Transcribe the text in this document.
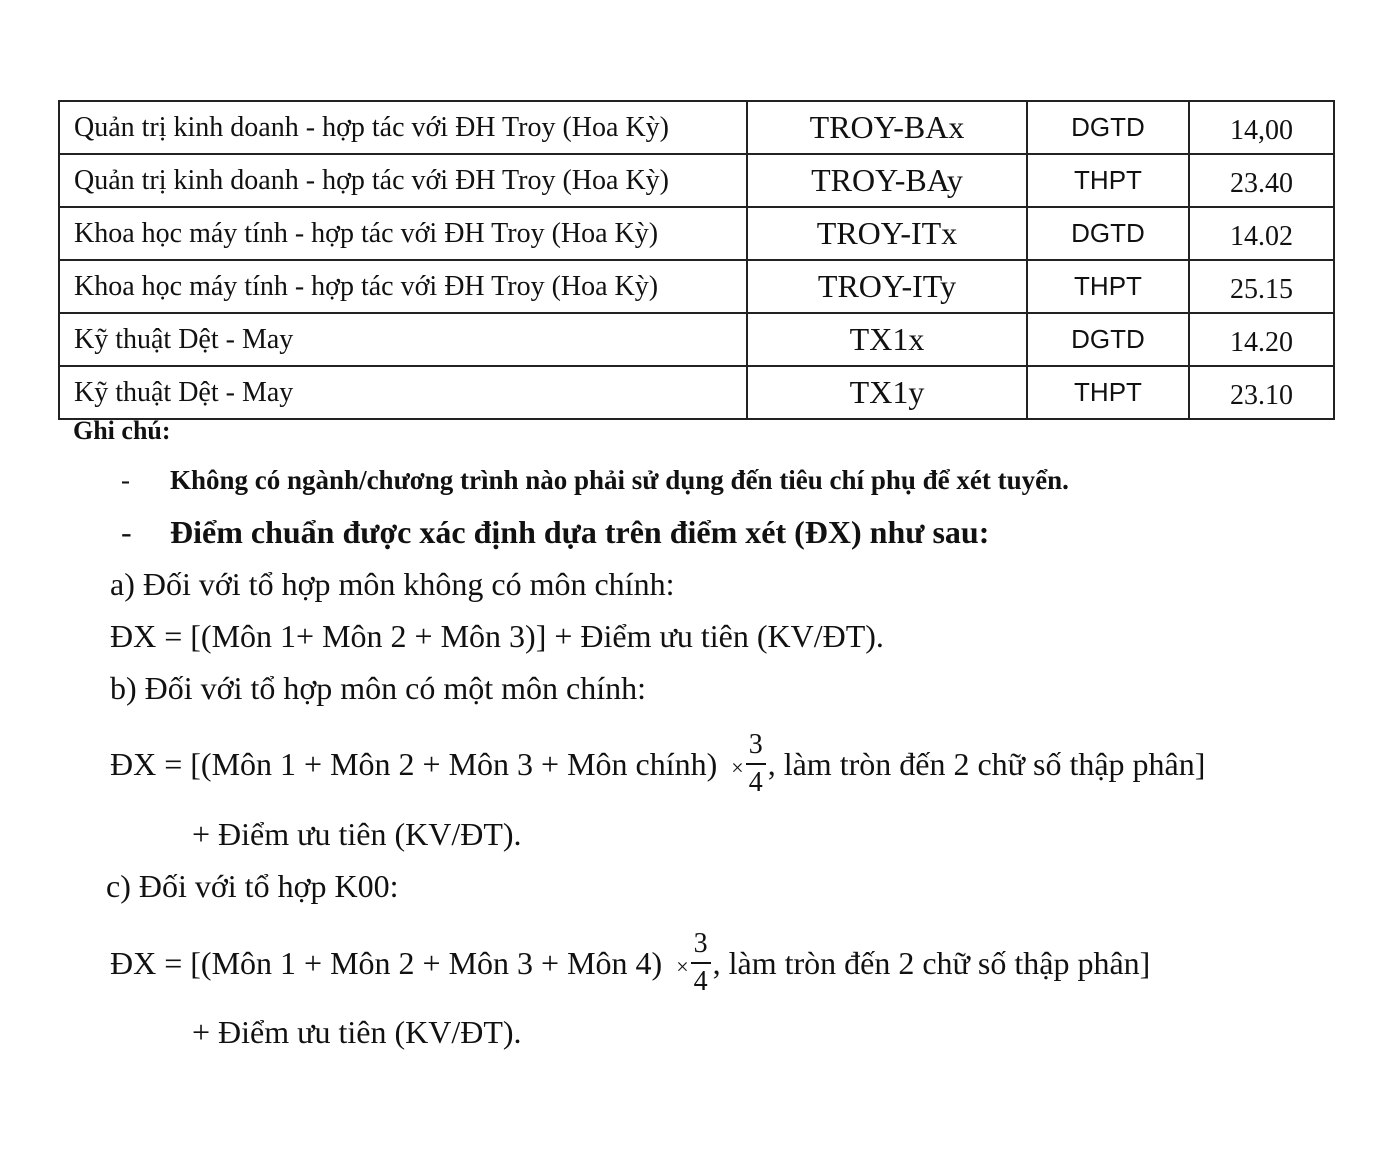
Quản trị kinh doanh - hợp tác với ĐH Troy (Hoa Kỳ)	TROY-BAx	DGTD	14,00
Quản trị kinh doanh - hợp tác với ĐH Troy (Hoa Kỳ)	TROY-BAy	THPT	23.40
Khoa học máy tính - hợp tác với ĐH Troy (Hoa Kỳ)	TROY-ITx	DGTD	14.02
Khoa học máy tính - hợp tác với ĐH Troy (Hoa Kỳ)	TROY-ITy	THPT	25.15
Kỹ thuật Dệt - May	TX1x	DGTD	14.20
Kỹ thuật Dệt - May	TX1y	THPT	23.10
Ghi chú:
-	Không có ngành/chương trình nào phải sử dụng đến tiêu chí phụ để xét tuyển.
-	Điểm chuẩn được xác định dựa trên điểm xét (ĐX) như sau:
a) Đối với tổ hợp môn không có môn chính:
ĐX = [(Môn 1+ Môn 2 + Môn 3)] + Điểm ưu tiên (KV/ĐT).
b) Đối với tổ hợp môn có một môn chính:
ĐX = [(Môn 1 + Môn 2 + Môn 3 + Môn chính) × $\frac{3}{4}$ , làm tròn đến 2 chữ số thập phân]
+ Điểm ưu tiên (KV/ĐT).
c) Đối với tổ hợp K00:
ĐX = [(Môn 1 + Môn 2 + Môn 3 + Môn $4) \times \frac{3}{4}$ , làm tròn đến 2 chữ số thập phân]
+ Điểm ưu tiên (KV/ĐT).
